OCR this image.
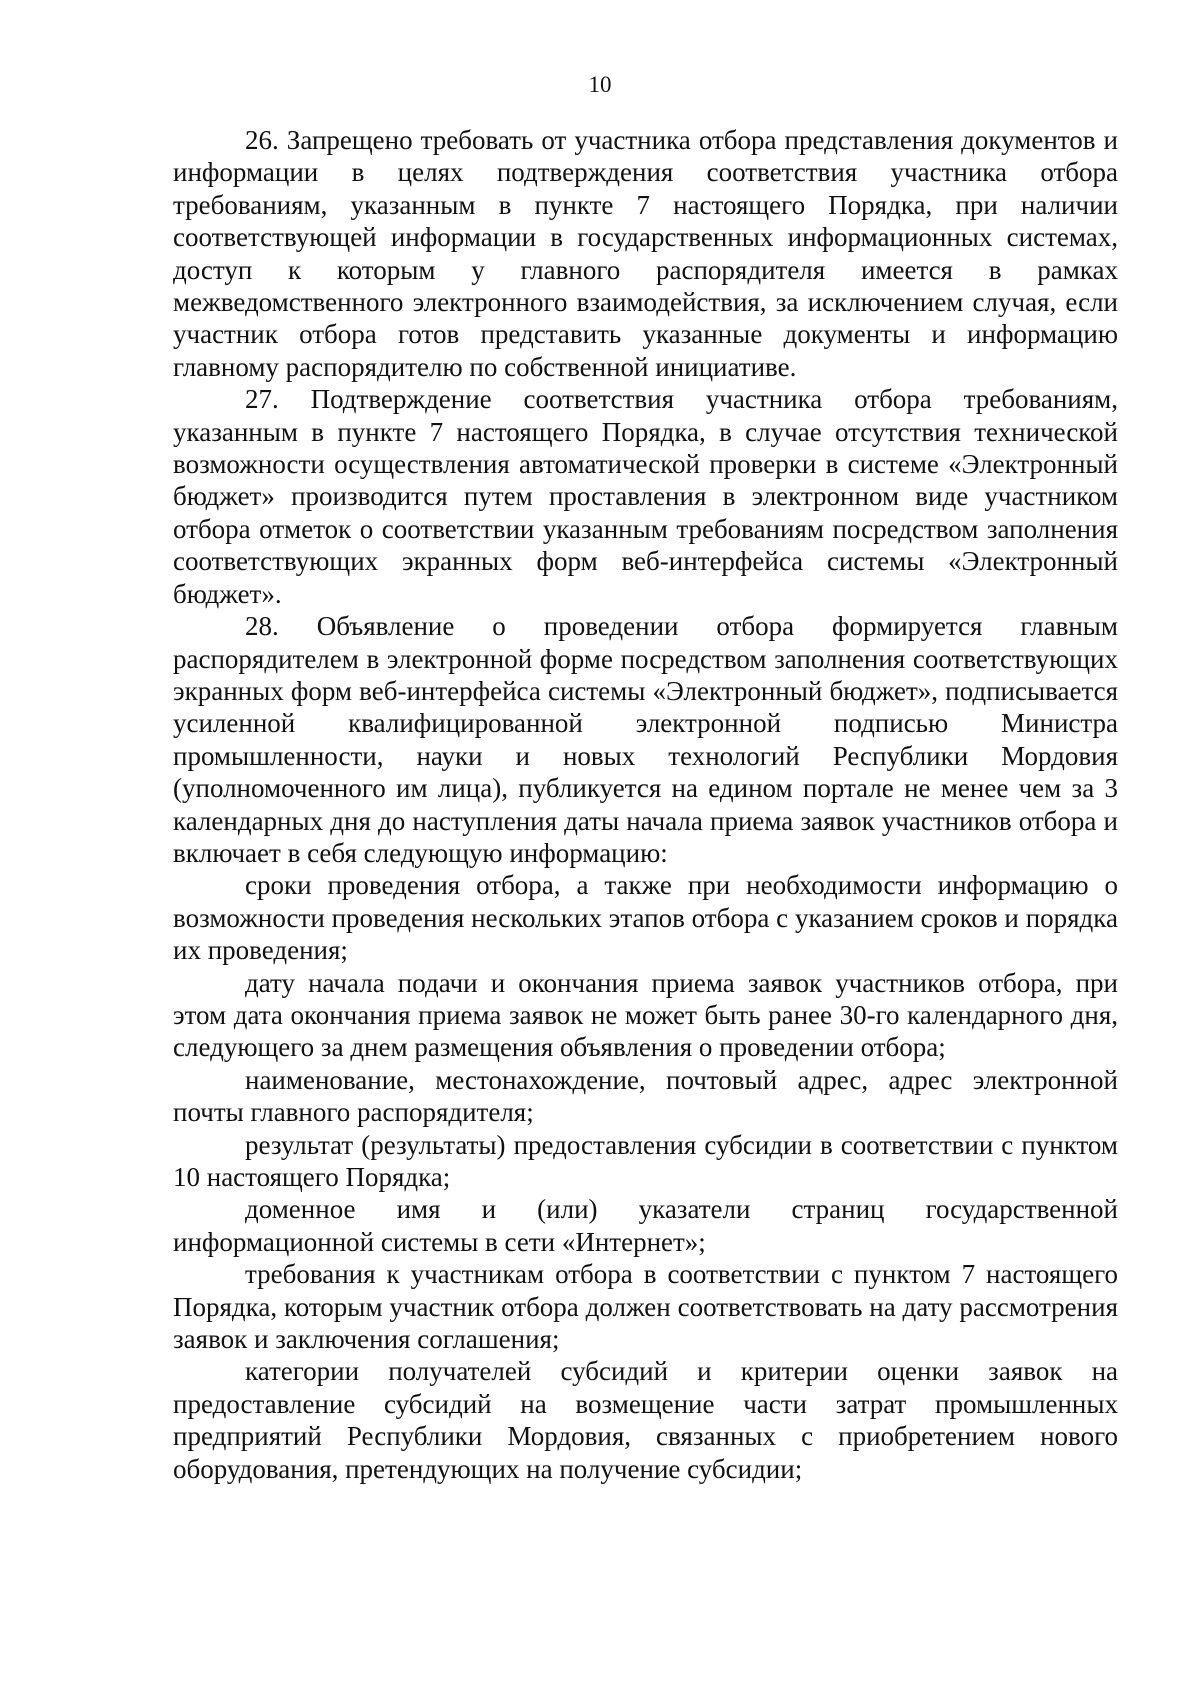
10

26. Запрещено требовать от участника отбора представления документов и информации в целях подтверждения соответствия участника отбора требованиям, указанным в пункте 7 настоящего Порядка, при наличии соответствующей информации в государственных информационных системах, доступ к которым у главного распорядителя имеется в рамках межведомственного электронного взаимодействия, за исключением случая, если участник отбора готов представить указанные документы и информацию главному распорядителю по собственной инициативе.

27. Подтверждение соответствия участника отбора требованиям, указанным в пункте 7 настоящего Порядка, в случае отсутствия технической возможности осуществления автоматической проверки в системе «Электронный бюджет» производится путем проставления в электронном виде участником отбора отметок о соответствии указанным требованиям посредством заполнения соответствующих экранных форм веб-интерфейса системы «Электронный бюджет».

28. Объявление о проведении отбора формируется главным распорядителем в электронной форме посредством заполнения соответствующих экранных форм веб-интерфейса системы «Электронный бюджет», подписывается усиленной квалифицированной электронной подписью Министра промышленности, науки и новых технологий Республики Мордовия (уполномоченного им лица), публикуется на едином портале не менее чем за 3 календарных дня до наступления даты начала приема заявок участников отбора и включает в себя следующую информацию:

сроки проведения отбора, а также при необходимости информацию о возможности проведения нескольких этапов отбора с указанием сроков и порядка их проведения;

дату начала подачи и окончания приема заявок участников отбора, при этом дата окончания приема заявок не может быть ранее 30-го календарного дня, следующего за днем размещения объявления о проведении отбора;

наименование, местонахождение, почтовый адрес, адрес электронной почты главного распорядителя;

результат (результаты) предоставления субсидии в соответствии с пунктом 10 настоящего Порядка;

доменное имя и (или) указатели страниц государственной информационной системы в сети «Интернет»;

требования к участникам отбора в соответствии с пунктом 7 настоящего Порядка, которым участник отбора должен соответствовать на дату рассмотрения заявок и заключения соглашения;

категории получателей субсидий и критерии оценки заявок на предоставление субсидий на возмещение части затрат промышленных предприятий Республики Мордовия, связанных с приобретением нового оборудования, претендующих на получение субсидии;
